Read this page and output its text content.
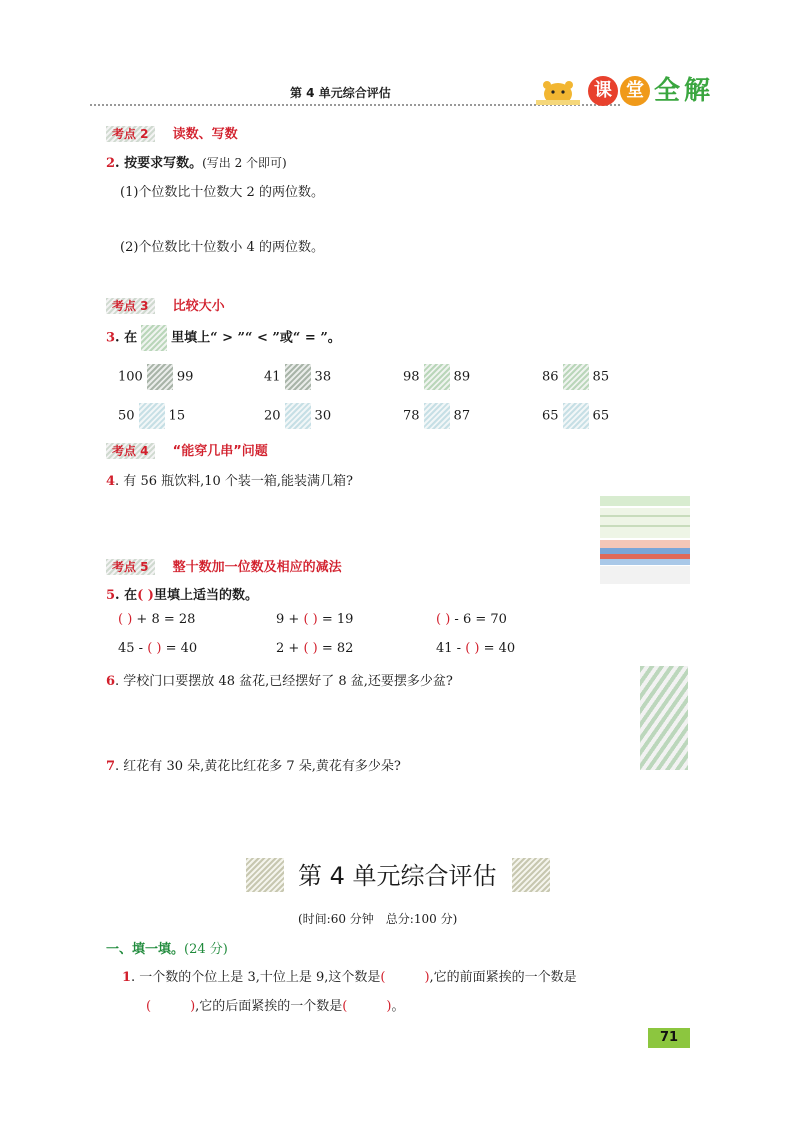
第 4 单元综合评估	课 堂 全 解
考点 2 读数、写数
2. 按要求写数。(写出 2 个即可)
(1)个位数比十位数大 2 的两位数。
(2)个位数比十位数小 4 的两位数。
考点 3 比较大小
3. 在	里填上“ > ”“ < ”或“ = ”。
100	99	41	38	98	89	86	85
50	15	20	30	78	87	65	65
考点 4 “能穿几串”问题
4. 有 56 瓶饮料,10 个装一箱,能装满几箱?
考点 5 整十数加一位数及相应的减法
5. 在( )里填上适当的数。
( ) + 8 = 28	9 + ( ) = 19	( ) - 6 = 70
45 - ( ) = 40	2 + ( ) = 82	41 - ( ) = 40
6. 学校门口要摆放 48 盆花,已经摆好了 8 盆,还要摆多少盆?
7. 红花有 30 朵,黄花比红花多 7 朵,黄花有多少朵?
第 4 单元综合评估
(时间:60 分钟　总分:100 分)
一、填一填。(24 分)
1. 一个数的个位上是 3,十位上是 9,这个数是(　　　),它的前面紧挨的一个数是
(　　　),它的后面紧挨的一个数是(　　　)。
71
